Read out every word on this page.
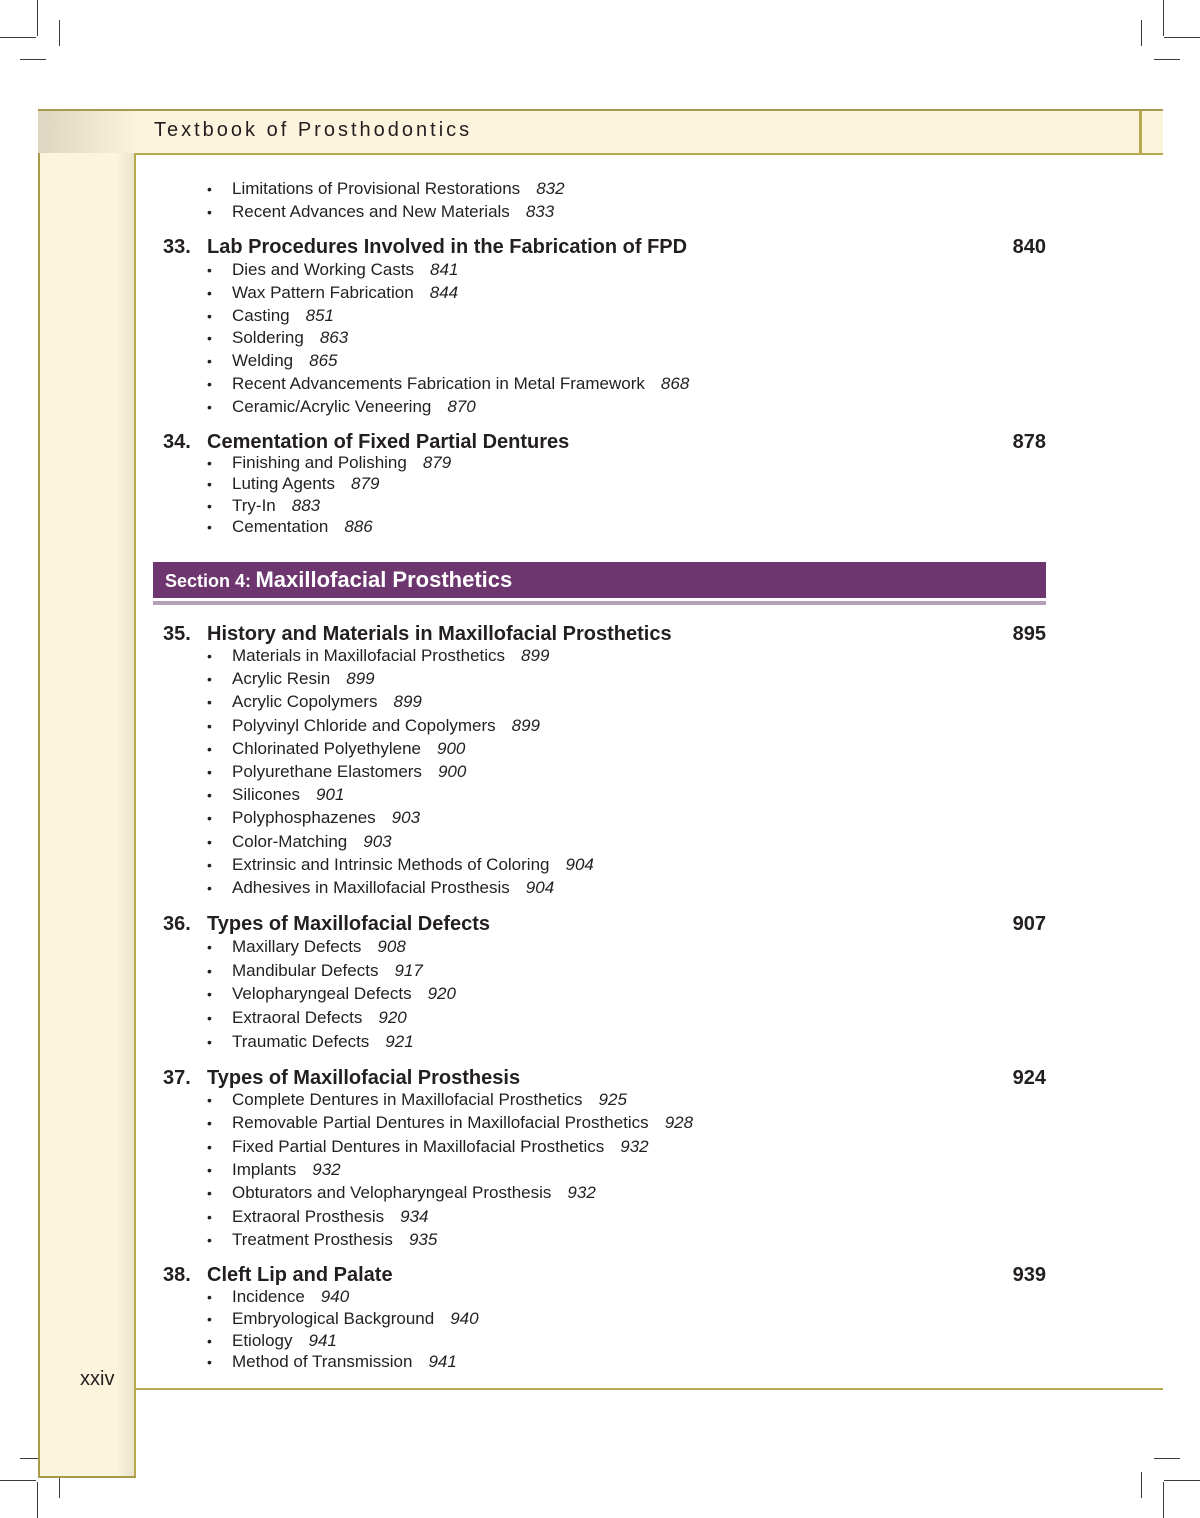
Textbook of Prosthodontics
xxiv
Section 4: Maxillofacial Prosthetics
• Limitations of Provisional Restorations 832
• Recent Advances and New Materials 833
33. Lab Procedures Involved in the Fabrication of FPD	840
• Dies and Working Casts 841
• Wax Pattern Fabrication 844
• Casting 851
• Soldering 863
• Welding 865
• Recent Advancements Fabrication in Metal Framework 868
• Ceramic/Acrylic Veneering 870
34. Cementation of Fixed Partial Dentures	878
• Finishing and Polishing 879
• Luting Agents 879
• Try-In 883
• Cementation 886
35. History and Materials in Maxillofacial Prosthetics	895
• Materials in Maxillofacial Prosthetics 899
• Acrylic Resin 899
• Acrylic Copolymers 899
• Polyvinyl Chloride and Copolymers 899
• Chlorinated Polyethylene 900
• Polyurethane Elastomers 900
• Silicones 901
• Polyphosphazenes 903
• Color-Matching 903
• Extrinsic and Intrinsic Methods of Coloring 904
• Adhesives in Maxillofacial Prosthesis 904
36. Types of Maxillofacial Defects	907
• Maxillary Defects 908
• Mandibular Defects 917
• Velopharyngeal Defects 920
• Extraoral Defects 920
• Traumatic Defects 921
37. Types of Maxillofacial Prosthesis	924
• Complete Dentures in Maxillofacial Prosthetics 925
• Removable Partial Dentures in Maxillofacial Prosthetics 928
• Fixed Partial Dentures in Maxillofacial Prosthetics 932
• Implants 932
• Obturators and Velopharyngeal Prosthesis 932
• Extraoral Prosthesis 934
• Treatment Prosthesis 935
38. Cleft Lip and Palate	939
• Incidence 940
• Embryological Background 940
• Etiology 941
• Method of Transmission 941
